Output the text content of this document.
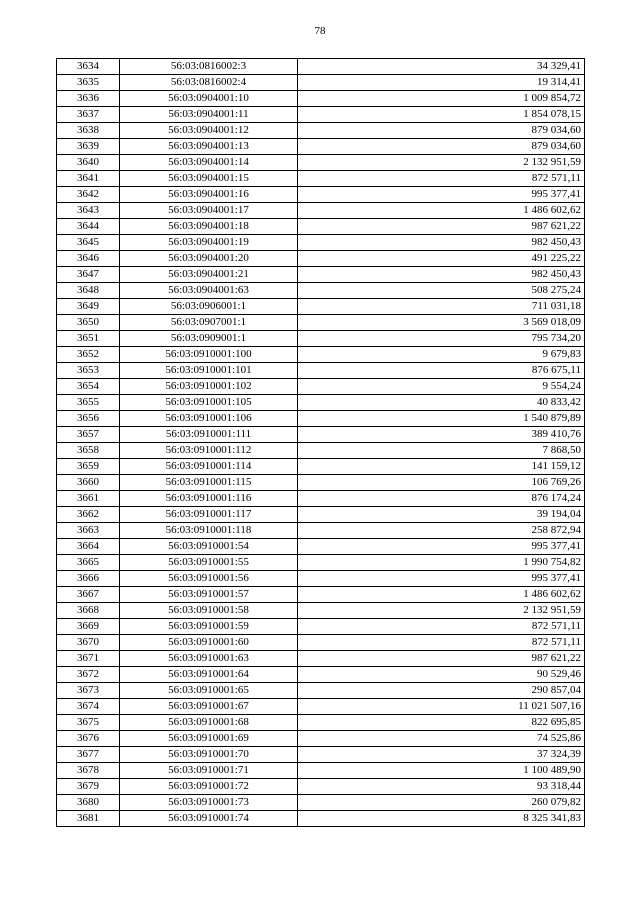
78
3634	56:03:0816002:3	34 329,41
3635	56:03:0816002:4	19 314,41
3636	56:03:0904001:10	1 009 854,72
3637	56:03:0904001:11	1 854 078,15
3638	56:03:0904001:12	879 034,60
3639	56:03:0904001:13	879 034,60
3640	56:03:0904001:14	2 132 951,59
3641	56:03:0904001:15	872 571,11
3642	56:03:0904001:16	995 377,41
3643	56:03:0904001:17	1 486 602,62
3644	56:03:0904001:18	987 621,22
3645	56:03:0904001:19	982 450,43
3646	56:03:0904001:20	491 225,22
3647	56:03:0904001:21	982 450,43
3648	56:03:0904001:63	508 275,24
3649	56:03:0906001:1	711 031,18
3650	56:03:0907001:1	3 569 018,09
3651	56:03:0909001:1	795 734,20
3652	56:03:0910001:100	9 679,83
3653	56:03:0910001:101	876 675,11
3654	56:03:0910001:102	9 554,24
3655	56:03:0910001:105	40 833,42
3656	56:03:0910001:106	1 540 879,89
3657	56:03:0910001:111	389 410,76
3658	56:03:0910001:112	7 868,50
3659	56:03:0910001:114	141 159,12
3660	56:03:0910001:115	106 769,26
3661	56:03:0910001:116	876 174,24
3662	56:03:0910001:117	39 194,04
3663	56:03:0910001:118	258 872,94
3664	56:03:0910001:54	995 377,41
3665	56:03:0910001:55	1 990 754,82
3666	56:03:0910001:56	995 377,41
3667	56:03:0910001:57	1 486 602,62
3668	56:03:0910001:58	2 132 951,59
3669	56:03:0910001:59	872 571,11
3670	56:03:0910001:60	872 571,11
3671	56:03:0910001:63	987 621,22
3672	56:03:0910001:64	90 529,46
3673	56:03:0910001:65	290 857,04
3674	56:03:0910001:67	11 021 507,16
3675	56:03:0910001:68	822 695,85
3676	56:03:0910001:69	74 525,86
3677	56:03:0910001:70	37 324,39
3678	56:03:0910001:71	1 100 489,90
3679	56:03:0910001:72	93 318,44
3680	56:03:0910001:73	260 079,82
3681	56:03:0910001:74	8 325 341,83
